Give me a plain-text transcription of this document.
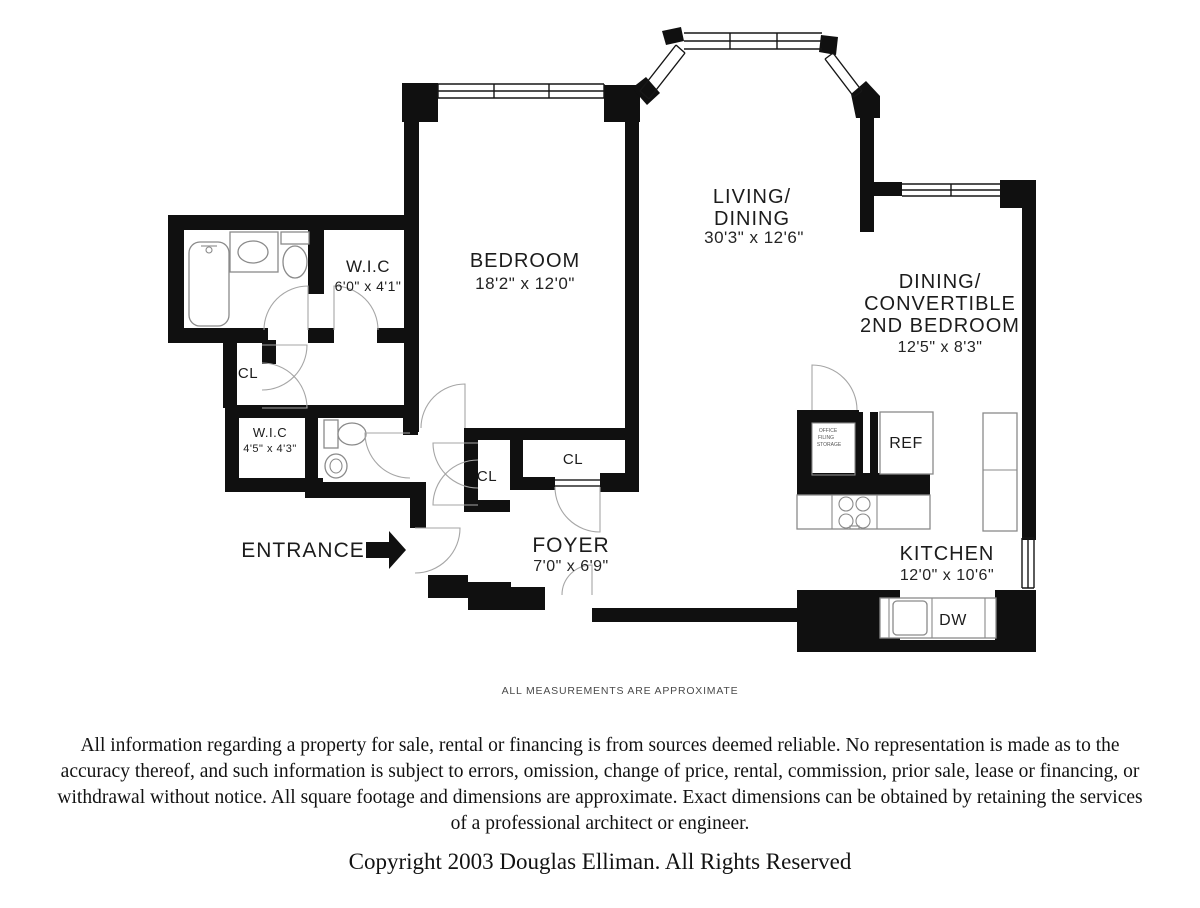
BEDROOM
18'2" x 12'0"
LIVING/
DINING
30'3" x 12'6"
DINING/
CONVERTIBLE
2ND BEDROOM
12'5" x 8'3"
KITCHEN
12'0" x 10'6"
FOYER
7'0" x 6'9"
ENTRANCE
W.I.C
6'0" x 4'1"
W.I.C
4'5" x 4'3"
CL
CL
CL
REF
DW
OFFICE
FILING
STORAGE
ALL MEASUREMENTS ARE APPROXIMATE
All information regarding a property for sale, rental or financing is from sources deemed reliable. No representation is made as to the
accuracy thereof, and such information is subject to errors, omission, change of price, rental, commission, prior sale, lease or financing, or
withdrawal without notice. All square footage and dimensions are approximate. Exact dimensions can be obtained by retaining the services
of a professional architect or engineer.
Copyright 2003 Douglas Elliman. All Rights Reserved
